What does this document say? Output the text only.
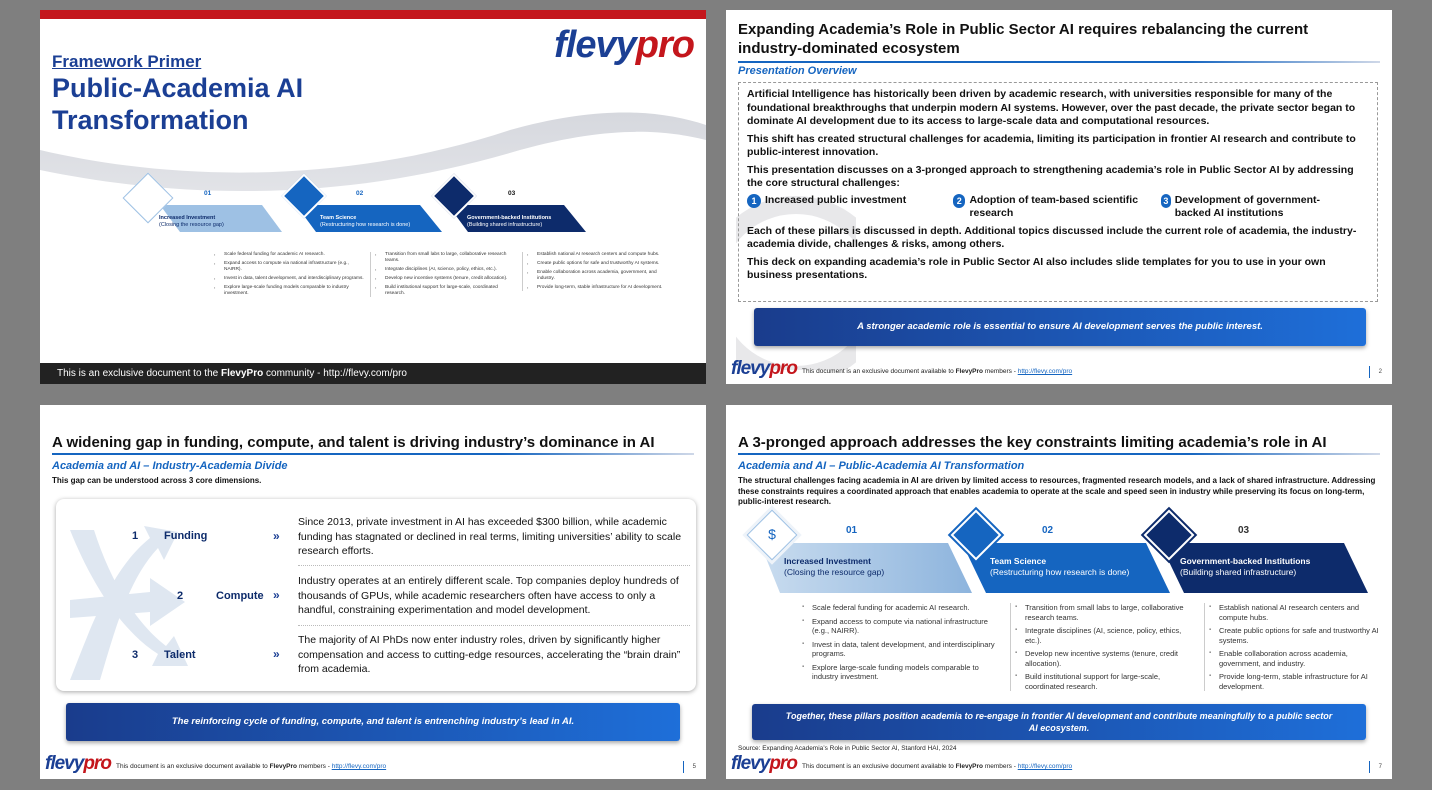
Framework Primer
Public-Academia AI
Transformation
flevypro
01	02	03
Increased Investment
(Closing the resource gap)
Team Science
(Restructuring how research is done)
Government-backed Institutions
(Building shared infrastructure)
▪ Scale federal funding for academic AI research.
▪ Expand access to compute via national infrastructure (e.g., NAIRR).
▪ Invest in data, talent development, and interdisciplinary programs.
▪ Explore large-scale funding models comparable to industry investment.
▪ Transition from small labs to large, collaborative research teams.
▪ Integrate disciplines (AI, science, policy, ethics, etc.).
▪ Develop new incentive systems (tenure, credit allocation).
▪ Build institutional support for large-scale, coordinated research.
▪ Establish national AI research centers and compute hubs.
▪ Create public options for safe and trustworthy AI systems.
▪ Enable collaboration across academia, government, and industry.
▪ Provide long-term, stable infrastructure for AI development.
This is an exclusive document to the FlevyPro community - http://flevy.com/pro
Expanding Academia’s Role in Public Sector AI requires rebalancing the current industry-dominated ecosystem
Presentation Overview

Artificial Intelligence has historically been driven by academic research, with universities responsible for many of the foundational breakthroughs that underpin modern AI systems. However, over the past decade, the private sector began to dominate AI development due to its access to large-scale data and computational resources.

This shift has created structural challenges for academia, limiting its participation in frontier AI research and contribute to public-interest innovation.

This presentation discusses on a 3-pronged approach to strengthening academia’s role in Public Sector AI by addressing the core structural challenges:

1 Increased public investment	2 Adoption of team-based scientific research
3 Development of government-backed AI institutions

Each of these pillars is discussed in depth. Additional topics discussed include the current role of academia, the industry-academia divide, challenges & risks, among others.

This deck on expanding academia’s role in Public Sector AI also includes slide templates for you to use in your own business presentations.

A stronger academic role is essential to ensure AI development serves the public interest.
flevypro This document is an exclusive document available to FlevyPro members - http://flevy.com/pro	2
A widening gap in funding, compute, and talent is driving industry’s dominance in AI
Academia and AI – Industry-Academia Divide
This gap can be understood across 3 core dimensions.
1 Funding
2	Compute
3 Talent
»
»
»
Since 2013, private investment in AI has exceeded $300 billion, while academic funding has stagnated or declined in real terms, limiting universities’ ability to scale research efforts.
Industry operates at an entirely different scale. Top companies deploy hundreds of thousands of GPUs, while academic researchers often have access to only a handful, constraining experimentation and model development.
The majority of AI PhDs now enter industry roles, driven by significantly higher compensation and access to cutting-edge resources, accelerating the “brain drain” from academia.
The reinforcing cycle of funding, compute, and talent is entrenching industry’s lead in AI.
flevypro This document is an exclusive document available to FlevyPro members - http://flevy.com/pro	5
A 3-pronged approach addresses the key constraints limiting academia’s role in AI
Academia and AI – Public-Academia AI Transformation
The structural challenges facing academia in AI are driven by limited access to resources, fragmented research models, and a lack of shared infrastructure. Addressing these constraints requires a coordinated approach that enables academia to operate at the scale and speed seen in industry while preserving its focus on long-term, public-interest research.
$	01	02	03
Increased Investment
(Closing the resource gap)
Team Science
(Restructuring how research is done)
Government-backed Institutions
(Building shared infrastructure)
▪ Scale federal funding for academic AI research.
▪ Expand access to compute via national infrastructure (e.g., NAIRR).
▪ Invest in data, talent development, and interdisciplinary programs.
▪ Explore large-scale funding models comparable to industry investment.
▪ Transition from small labs to large, collaborative research teams.
▪ Integrate disciplines (AI, science, policy, ethics, etc.).
▪ Develop new incentive systems (tenure, credit allocation).
▪ Build institutional support for large-scale, coordinated research.
▪ Establish national AI research centers and compute hubs.
▪ Create public options for safe and trustworthy AI systems.
▪ Enable collaboration across academia, government, and industry.
▪ Provide long-term, stable infrastructure for AI development.
Together, these pillars position academia to re-engage in frontier AI development and contribute meaningfully to a public sector AI ecosystem.
Source: Expanding Academia’s Role in Public Sector AI, Stanford HAI, 2024
flevypro This document is an exclusive document available to FlevyPro members - http://flevy.com/pro	7
